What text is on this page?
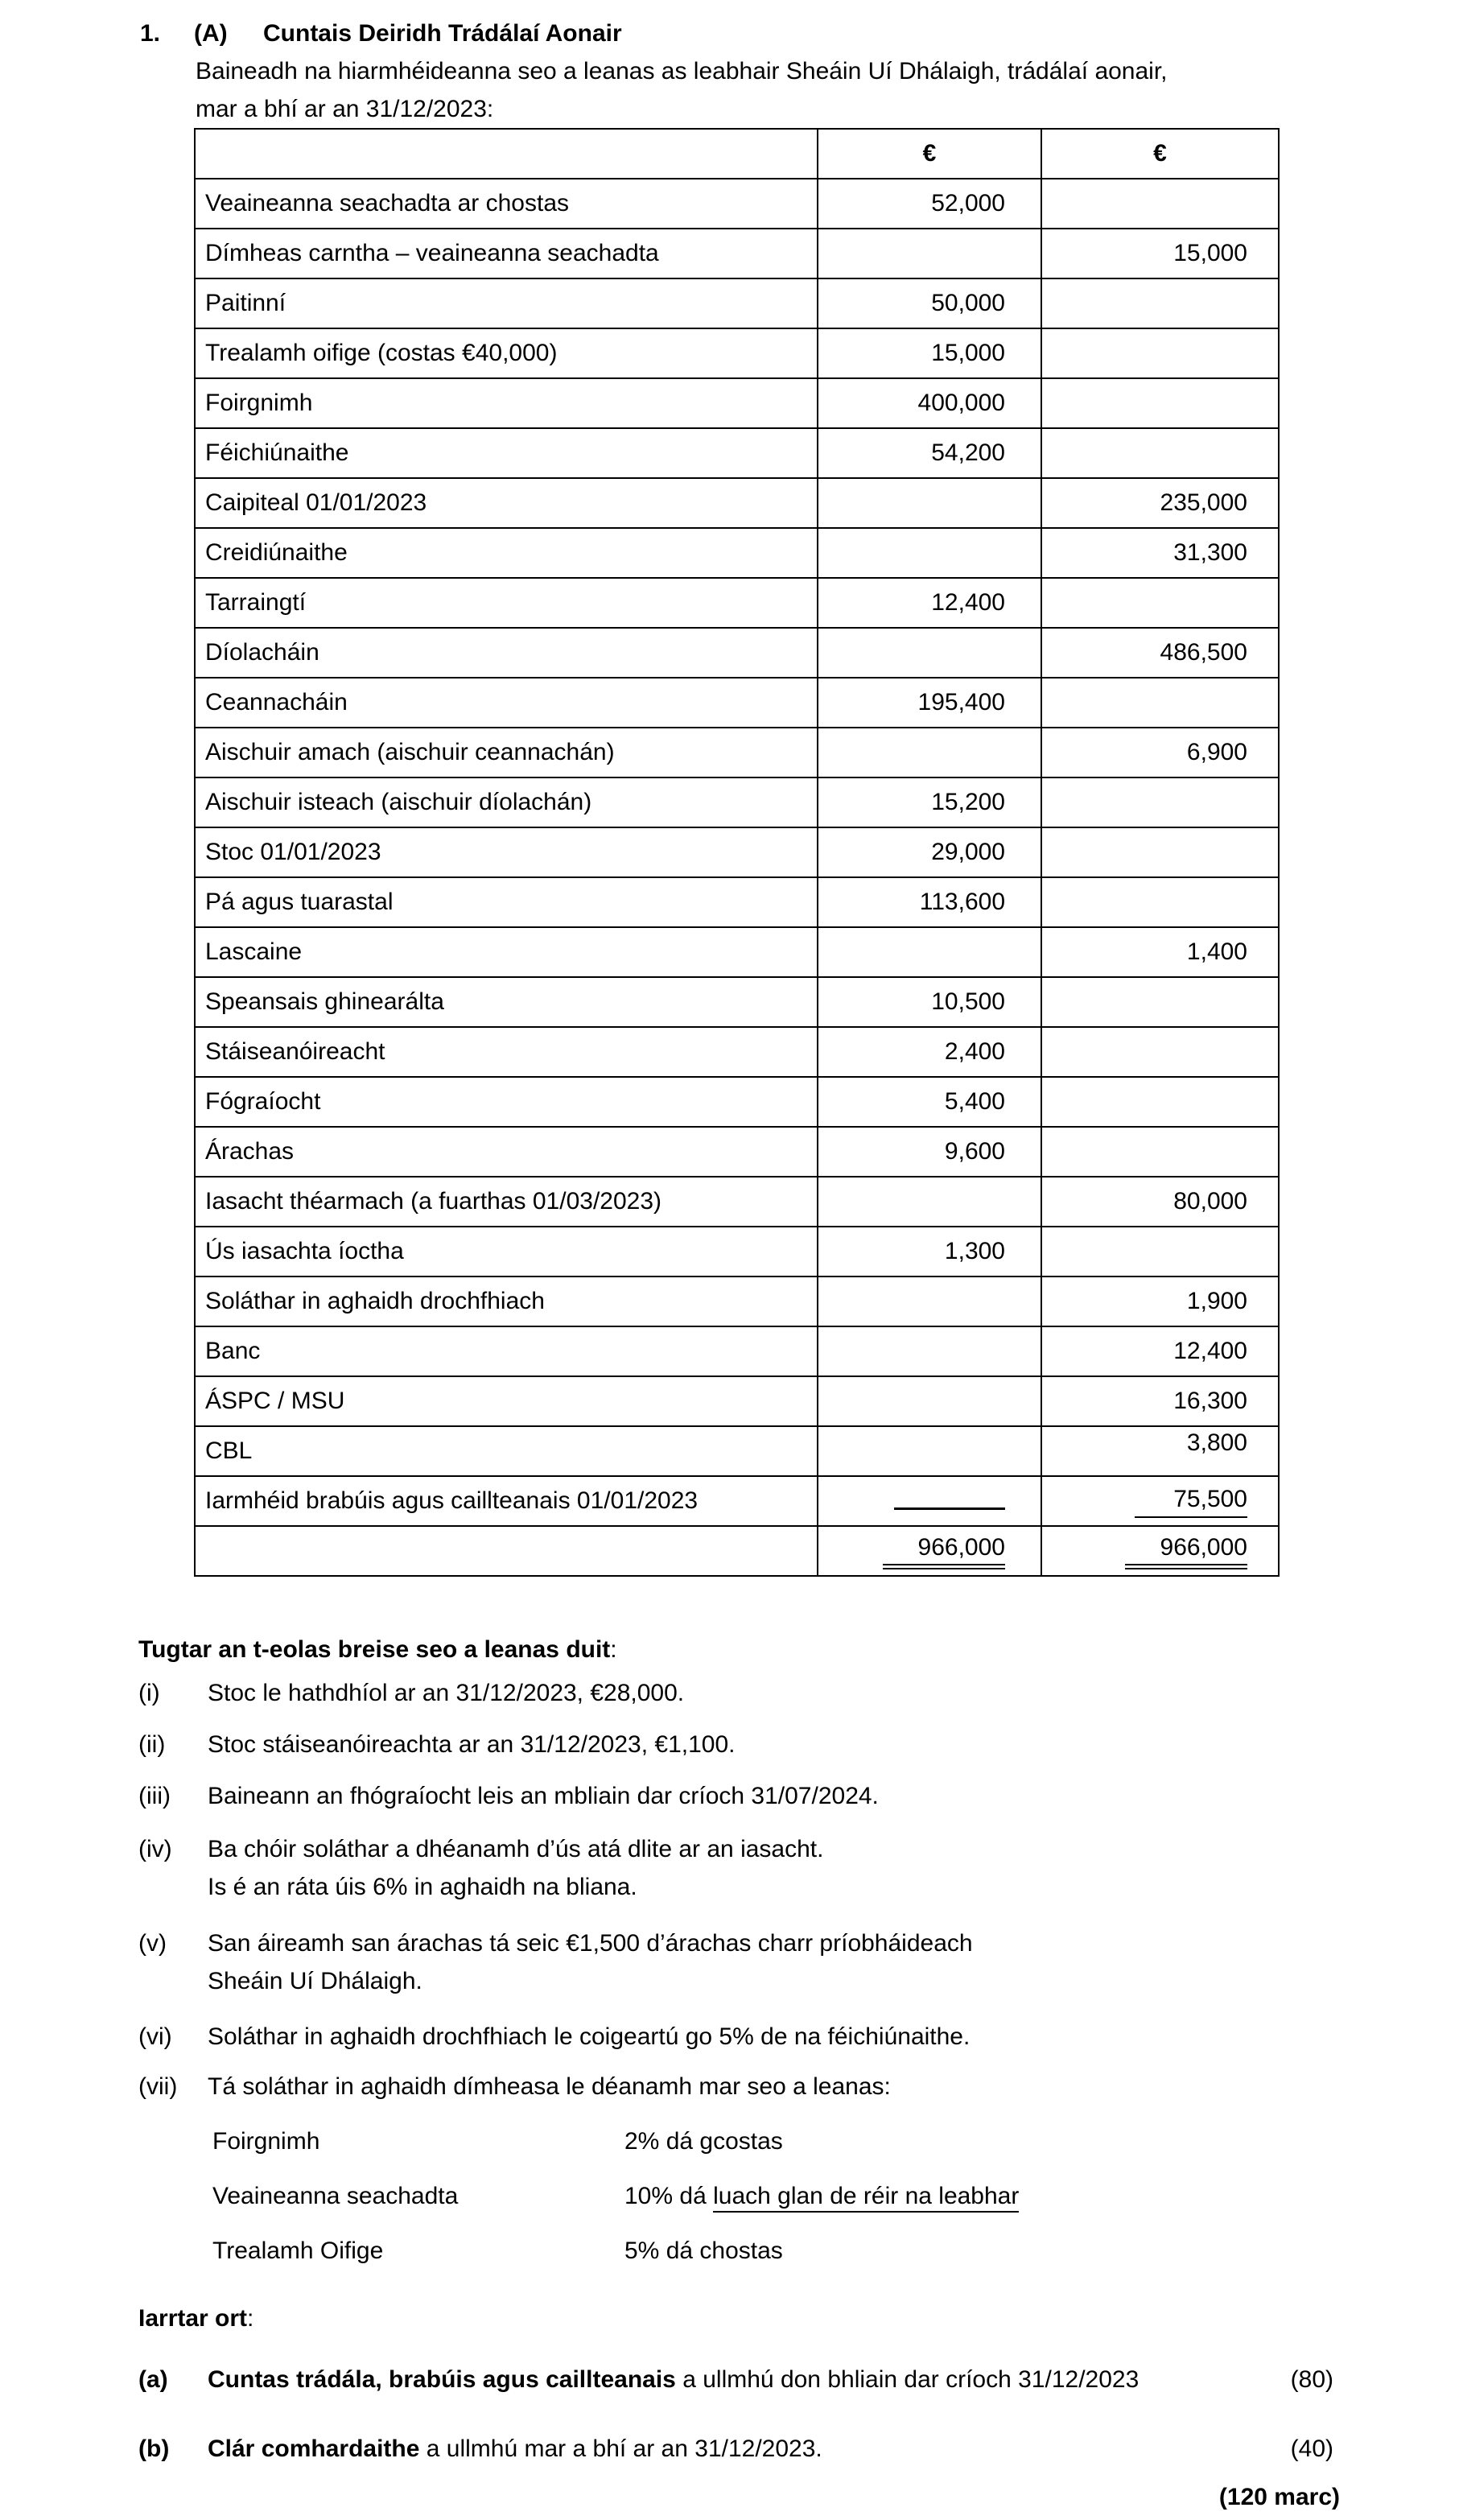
1.	(A)	Cuntais Deiridh Trádálaí Aonair
Baineadh na hiarmhéideanna seo a leanas as leabhair Sheáin Uí Dhálaigh, trádálaí aonair,
mar a bhí ar an 31/12/2023:
	€	€
Veaineanna seachadta ar chostas	52,000	
Dímheas carntha – veaineanna seachadta		15,000
Paitinní	50,000	
Trealamh oifige (costas €40,000)	15,000	
Foirgnimh	400,000	
Féichiúnaithe	54,200	
Caipiteal 01/01/2023		235,000
Creidiúnaithe		31,300
Tarraingtí	12,400	
Díolacháin		486,500
Ceannacháin	195,400	
Aischuir amach (aischuir ceannachán)		6,900
Aischuir isteach (aischuir díolachán)	15,200	
Stoc 01/01/2023	29,000	
Pá agus tuarastal	113,600	
Lascaine		1,400
Speansais ghinearálta	10,500	
Stáiseanóireacht	2,400	
Fógraíocht	5,400	
Árachas	9,600	
Iasacht théarmach (a fuarthas 01/03/2023)		80,000
Ús iasachta íoctha	1,300	
Soláthar in aghaidh drochfhiach		1,900
Banc		12,400
ÁSPC / MSU		16,300
CBL		3,800
Iarmhéid brabúis agus caillteanais 01/01/2023		75,500
	966,000	966,000
Tugtar an t-eolas breise seo a leanas duit:
(i)	Stoc le hathdhíol ar an 31/12/2023, €28,000.
(ii)	Stoc stáiseanóireachta ar an 31/12/2023, €1,100.
(iii)	Baineann an fhógraíocht leis an mbliain dar críoch 31/07/2024.
(iv)	Ba chóir soláthar a dhéanamh d’ús atá dlite ar an iasacht.
Is é an ráta úis 6% in aghaidh na bliana.
(v)	San áireamh san árachas tá seic €1,500 d’árachas charr príobháideach
Sheáin Uí Dhálaigh.
(vi)	Soláthar in aghaidh drochfhiach le coigeartú go 5% de na féichiúnaithe.
(vii)	Tá soláthar in aghaidh dímheasa le déanamh mar seo a leanas:
Foirgnimh	2% dá gcostas
Veaineanna seachadta	10% dá luach glan de réir na leabhar
Trealamh Oifige	5% dá chostas
Iarrtar ort:
(a) Cuntas trádála, brabúis agus caillteanais a ullmhú don bhliain dar críoch 31/12/2023	(80)
(b) Clár comhardaithe a ullmhú mar a bhí ar an 31/12/2023.	(40)
(120 marc)
